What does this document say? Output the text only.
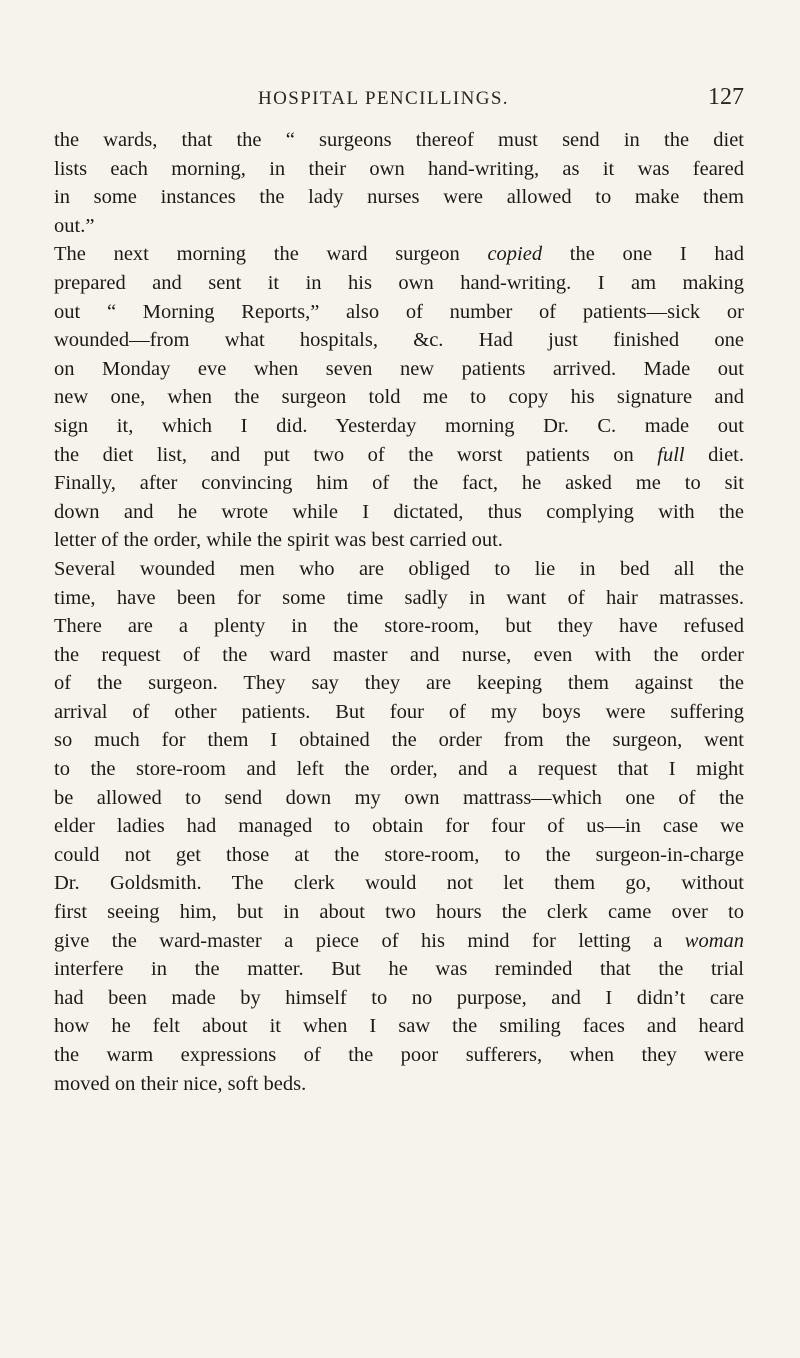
HOSPITAL PENCILLINGS.	127
the wards, that the “ surgeons thereof must send in the diet
lists each morning, in their own hand-writing, as it was feared
in some instances the lady nurses were allowed to make them
out.”
The next morning the ward surgeon copied the one I had
prepared and sent it in his own hand-writing. I am making
out “ Morning Reports,” also of number of patients—sick or
wounded—from what hospitals, &c. Had just finished one
on Monday eve when seven new patients arrived. Made out
new one, when the surgeon told me to copy his signature and
sign it, which I did. Yesterday morning Dr. C. made out
the diet list, and put two of the worst patients on full diet.
Finally, after convincing him of the fact, he asked me to sit
down and he wrote while I dictated, thus complying with the
letter of the order, while the spirit was best carried out.
Several wounded men who are obliged to lie in bed all the
time, have been for some time sadly in want of hair matrasses.
There are a plenty in the store-room, but they have refused
the request of the ward master and nurse, even with the order
of the surgeon. They say they are keeping them against the
arrival of other patients. But four of my boys were suffering
so much for them I obtained the order from the surgeon, went
to the store-room and left the order, and a request that I might
be allowed to send down my own mattrass—which one of the
elder ladies had managed to obtain for four of us—in case we
could not get those at the store-room, to the surgeon-in-charge
Dr. Goldsmith. The clerk would not let them go, without
first seeing him, but in about two hours the clerk came over to
give the ward-master a piece of his mind for letting a woman
interfere in the matter. But he was reminded that the trial
had been made by himself to no purpose, and I didn’t care
how he felt about it when I saw the smiling faces and heard
the warm expressions of the poor sufferers, when they were
moved on their nice, soft beds.
